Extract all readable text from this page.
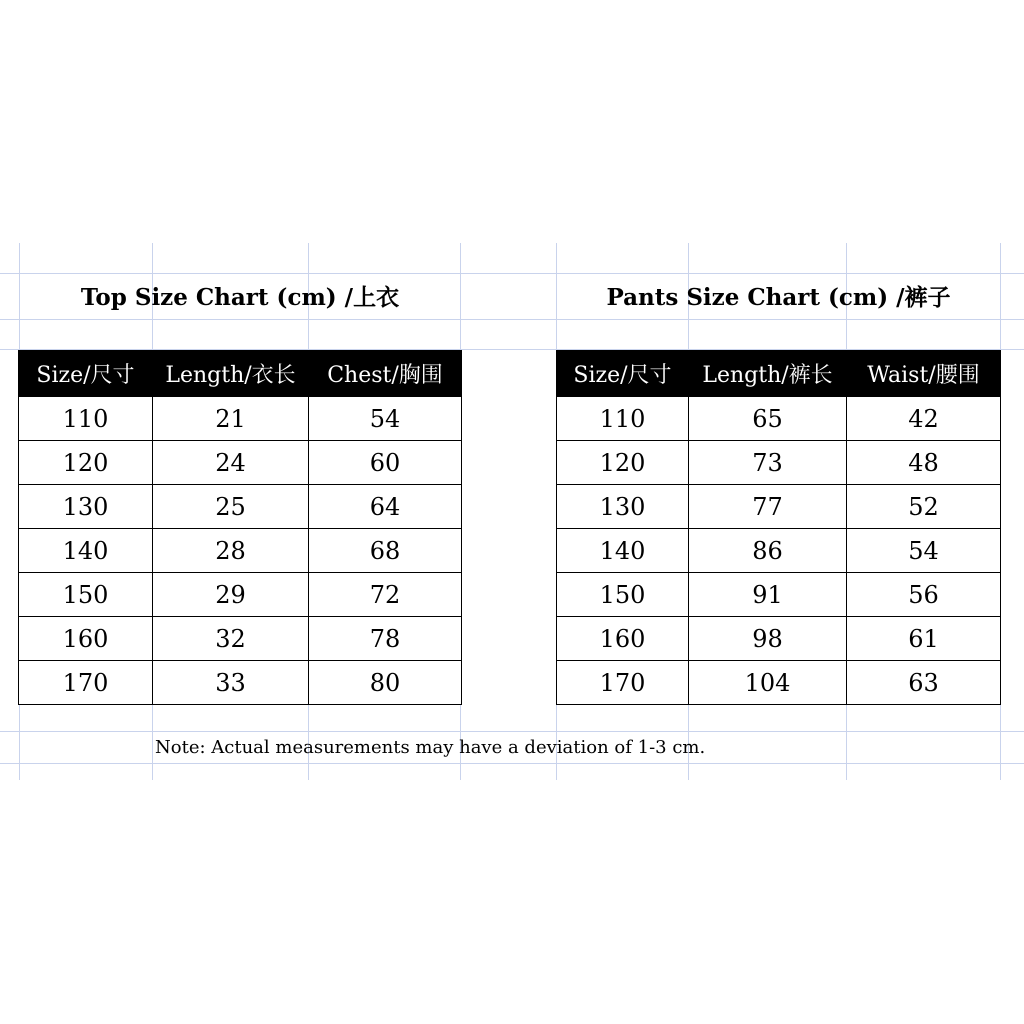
Top Size Chart (cm) /上衣
Size/尺寸	Length/衣长	Chest/胸围
110	21	54
120	24	60
130	25	64
140	28	68
150	29	72
160	32	78
170	33	80
Pants Size Chart (cm) /裤子
Size/尺寸	Length/裤长	Waist/腰围
110	65	42
120	73	48
130	77	52
140	86	54
150	91	56
160	98	61
170	104	63
Note: Actual measurements may have a deviation of 1-3 cm.
